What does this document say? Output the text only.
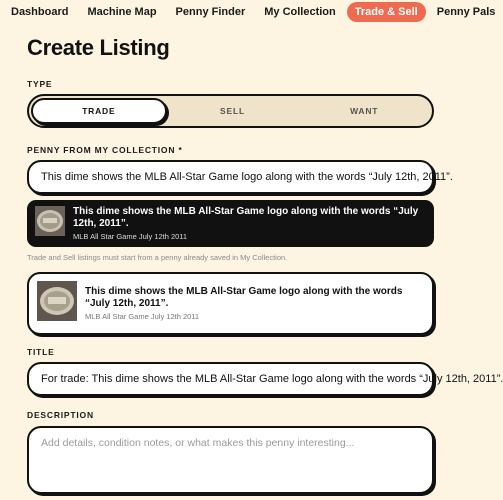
Dashboard	Machine Map	Penny Finder	My Collection	Trade & Sell	Penny Pals
Create Listing
TYPE
TRADE	SELL	WANT
PENNY FROM MY COLLECTION *
This dime shows the MLB All-Star Game logo along with the words “July 12th, 2011”.
This dime shows the MLB All-Star Game logo along with the words “July 12th, 2011”.
MLB All Star Game July 12th 2011
Trade and Sell listings must start from a penny already saved in My Collection.
This dime shows the MLB All-Star Game logo along with the words “July 12th, 2011”.
MLB All Star Game July 12th 2011
TITLE
For trade: This dime shows the MLB All-Star Game logo along with the words “July 12th, 2011”.
DESCRIPTION
Add details, condition notes, or what makes this penny interesting...
